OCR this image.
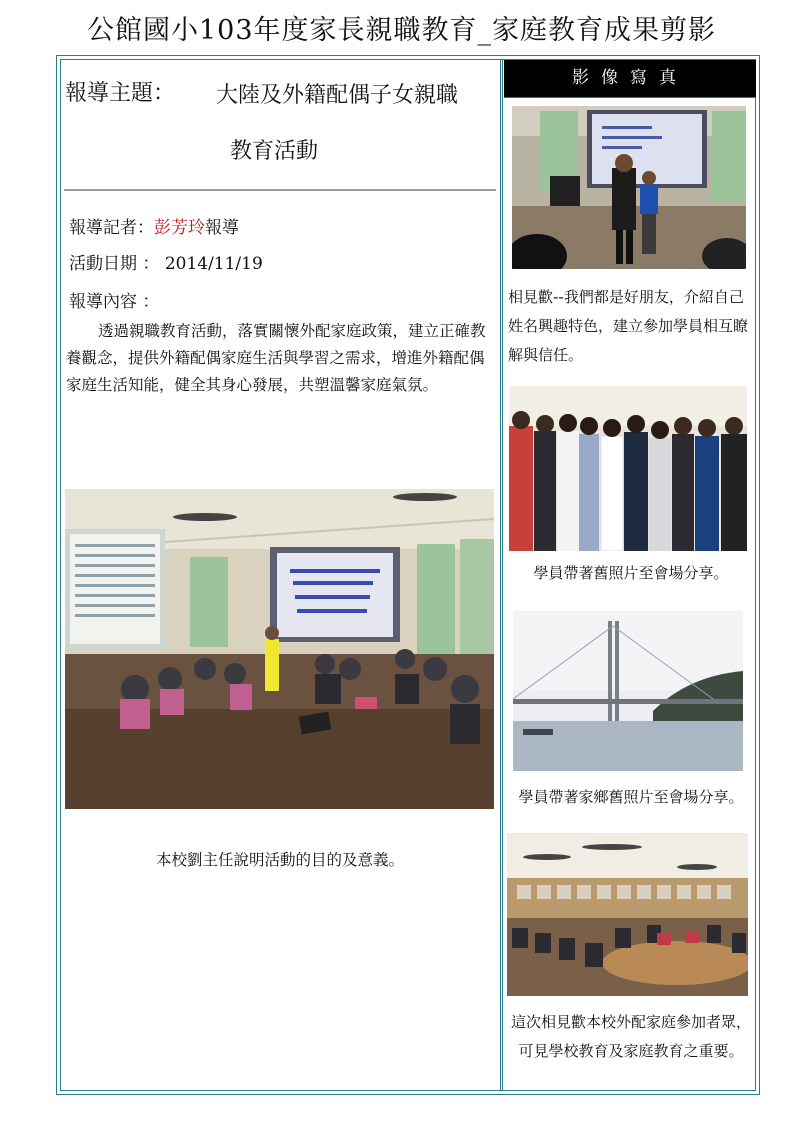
公館國小103年度家長親職教育_家庭教育成果剪影
報導主題： 大陸及外籍配偶子女親職
教育活動
報導記者：彭芳玲報導
活動日期 ： 2014/11/19
報導內容 ：
透過親職教育活動，落實關懷外配家庭政策，建立正確教養觀念，提供外籍配偶家庭生活與學習之需求，增進外籍配偶家庭生活知能，健全其身心發展，共塑溫馨家庭氣氛。
本校劉主任說明活動的目的及意義。
影像寫真
相見歡--我們都是好朋友，介紹自己姓名興趣特色，建立參加學員相互瞭解與信任。
學員帶著舊照片至會場分享。
學員帶著家鄉舊照片至會場分享。
這次相見歡本校外配家庭參加者眾，可見學校教育及家庭教育之重要。
